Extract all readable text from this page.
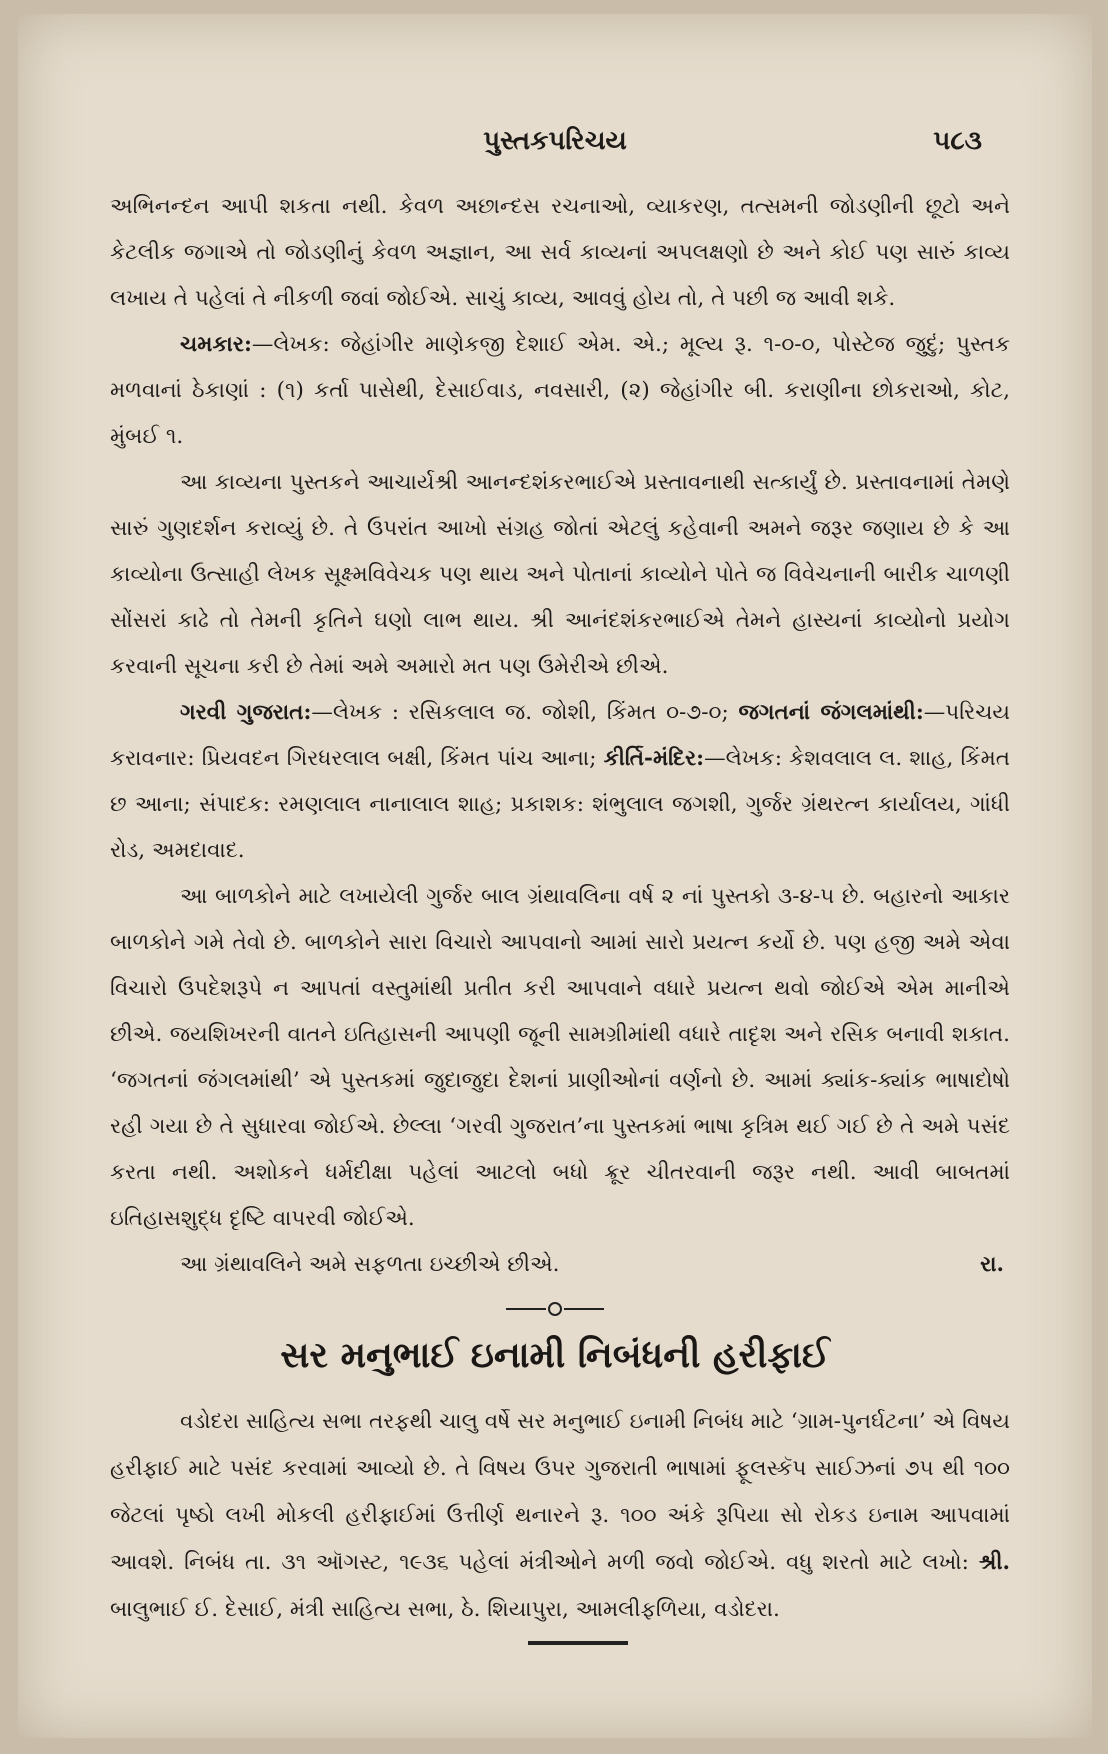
પુસ્તકપરિચય	૫૮૩

અભિનન્દન આપી શકતા નથી. કેવળ અછાન્દસ રચનાઓ, વ્યાકરણ, તત્સમની જોડણીની છૂટો અને કેટલીક જગાએ તો જોડણીનું કેવળ અજ્ઞાન, આ સર્વ કાવ્યનાં અપલક્ષણો છે અને કોઈ પણ સારું કાવ્ય લખાય તે પહેલાં તે નીકળી જવાં જોઈએ. સાચું કાવ્ય, આવવું હોય તો, તે પછી જ આવી શકે.

ચમકાર:—લેખક: જેહાંગીર માણેકજી દેશાઈ એમ. એ.; મૂલ્ય રૂ. ૧-૦-૦, પોસ્ટેજ જુદું; પુસ્તક મળવાનાં ઠેકાણાં : (૧) કર્તા પાસેથી, દેસાઈવાડ, નવસારી, (૨) જેહાંગીર બી. કરાણીના છોકરાઓ, કોટ, મુંબઈ ૧.

આ કાવ્યના પુસ્તકને આચાર્યશ્રી આનન્દશંકરભાઈએ પ્રસ્તાવનાથી સત્કાર્યું છે. પ્રસ્તાવનામાં તેમણે સારું ગુણદર્શન કરાવ્યું છે. તે ઉપરાંત આખો સંગ્રહ જોતાં એટલું કહેવાની અમને જરૂર જણાય છે કે આ કાવ્યોના ઉત્સાહી લેખક સૂક્ષ્મવિવેચક પણ થાય અને પોતાનાં કાવ્યોને પોતે જ વિવેચનાની બારીક ચાળણી સોંસરાં કાઢે તો તેમની કૃતિને ઘણો લાભ થાય. શ્રી આનંદશંકરભાઈએ તેમને હાસ્યનાં કાવ્યોનો પ્રયોગ કરવાની સૂચના કરી છે તેમાં અમે અમારો મત પણ ઉમેરીએ છીએ.

ગરવી ગુજરાત:—લેખક : રસિકલાલ જ. જોશી, કિંમત ૦-૭-૦; જગતનાં જંગલમાંથી:—પરિચય કરાવનાર: પ્રિયવદન ગિરધરલાલ બક્ષી, કિંમત પાંચ આના; કીર્તિ-મંદિર:—લેખક: કેશવલાલ લ. શાહ, કિંમત છ આના; સંપાદક: રમણલાલ નાનાલાલ શાહ; પ્રકાશક: શંભુલાલ જગશી, ગુર્જર ગ્રંથરત્ન કાર્યાલય, ગાંધી રોડ, અમદાવાદ.

આ બાળકોને માટે લખાયેલી ગુર્જર બાલ ગ્રંથાવલિના વર્ષ ૨ નાં પુસ્તકો ૩-૪-૫ છે. બહારનો આકાર બાળકોને ગમે તેવો છે. બાળકોને સારા વિચારો આપવાનો આમાં સારો પ્રયત્ન કર્યો છે. પણ હજી અમે એવા વિચારો ઉપદેશરૂપે ન આપતાં વસ્તુમાંથી પ્રતીત કરી આપવાને વધારે પ્રયત્ન થવો જોઈએ એમ માનીએ છીએ. જયશિખરની વાતને ઇતિહાસની આપણી જૂની સામગ્રીમાંથી વધારે તાદૃશ અને રસિક બનાવી શકાત. ‘જગતનાં જંગલમાંથી’ એ પુસ્તકમાં જુદાજુદા દેશનાં પ્રાણીઓનાં વર્ણનો છે. આમાં ક્યાંક-ક્યાંક ભાષાદોષો રહી ગયા છે તે સુધારવા જોઈએ. છેલ્લા ‘ગરવી ગુજરાત’ના પુસ્તકમાં ભાષા કૃત્રિમ થઈ ગઈ છે તે અમે પસંદ કરતા નથી. અશોકને ધર્મદીક્ષા પહેલાં આટલો બધો ક્રૂર ચીતરવાની જરૂર નથી. આવી બાબતમાં ઇતિહાસશુદ્ધ દૃષ્ટિ વાપરવી જોઈએ.

આ ગ્રંથાવલિને અમે સફળતા ઇચ્છીએ છીએ.	રા.

સર મનુભાઈ ઇનામી નિબંધની હરીફાઈ

વડોદરા સાહિત્ય સભા તરફથી ચાલુ વર્ષે સર મનુભાઈ ઇનામી નિબંધ માટે ‘ગ્રામ-પુનર્ઘટના’ એ વિષય હરીફાઈ માટે પસંદ કરવામાં આવ્યો છે. તે વિષય ઉપર ગુજરાતી ભાષામાં ફૂલસ્કૅપ સાઈઝનાં ૭૫ થી ૧૦૦ જેટલાં પૃષ્ઠો લખી મોકલી હરીફાઈમાં ઉત્તીર્ણ થનારને રૂ. ૧૦૦ અંકે રૂપિયા સો રોકડ ઇનામ આપવામાં આવશે. નિબંધ તા. ૩૧ ઑગસ્ટ, ૧૯૩૬ પહેલાં મંત્રીઓને મળી જવો જોઈએ. વધુ શરતો માટે લખો: શ્રી. બાલુભાઈ ઈ. દેસાઈ, મંત્રી સાહિત્ય સભા, ઠે. શિયાપુરા, આમલીફળિયા, વડોદરા.
